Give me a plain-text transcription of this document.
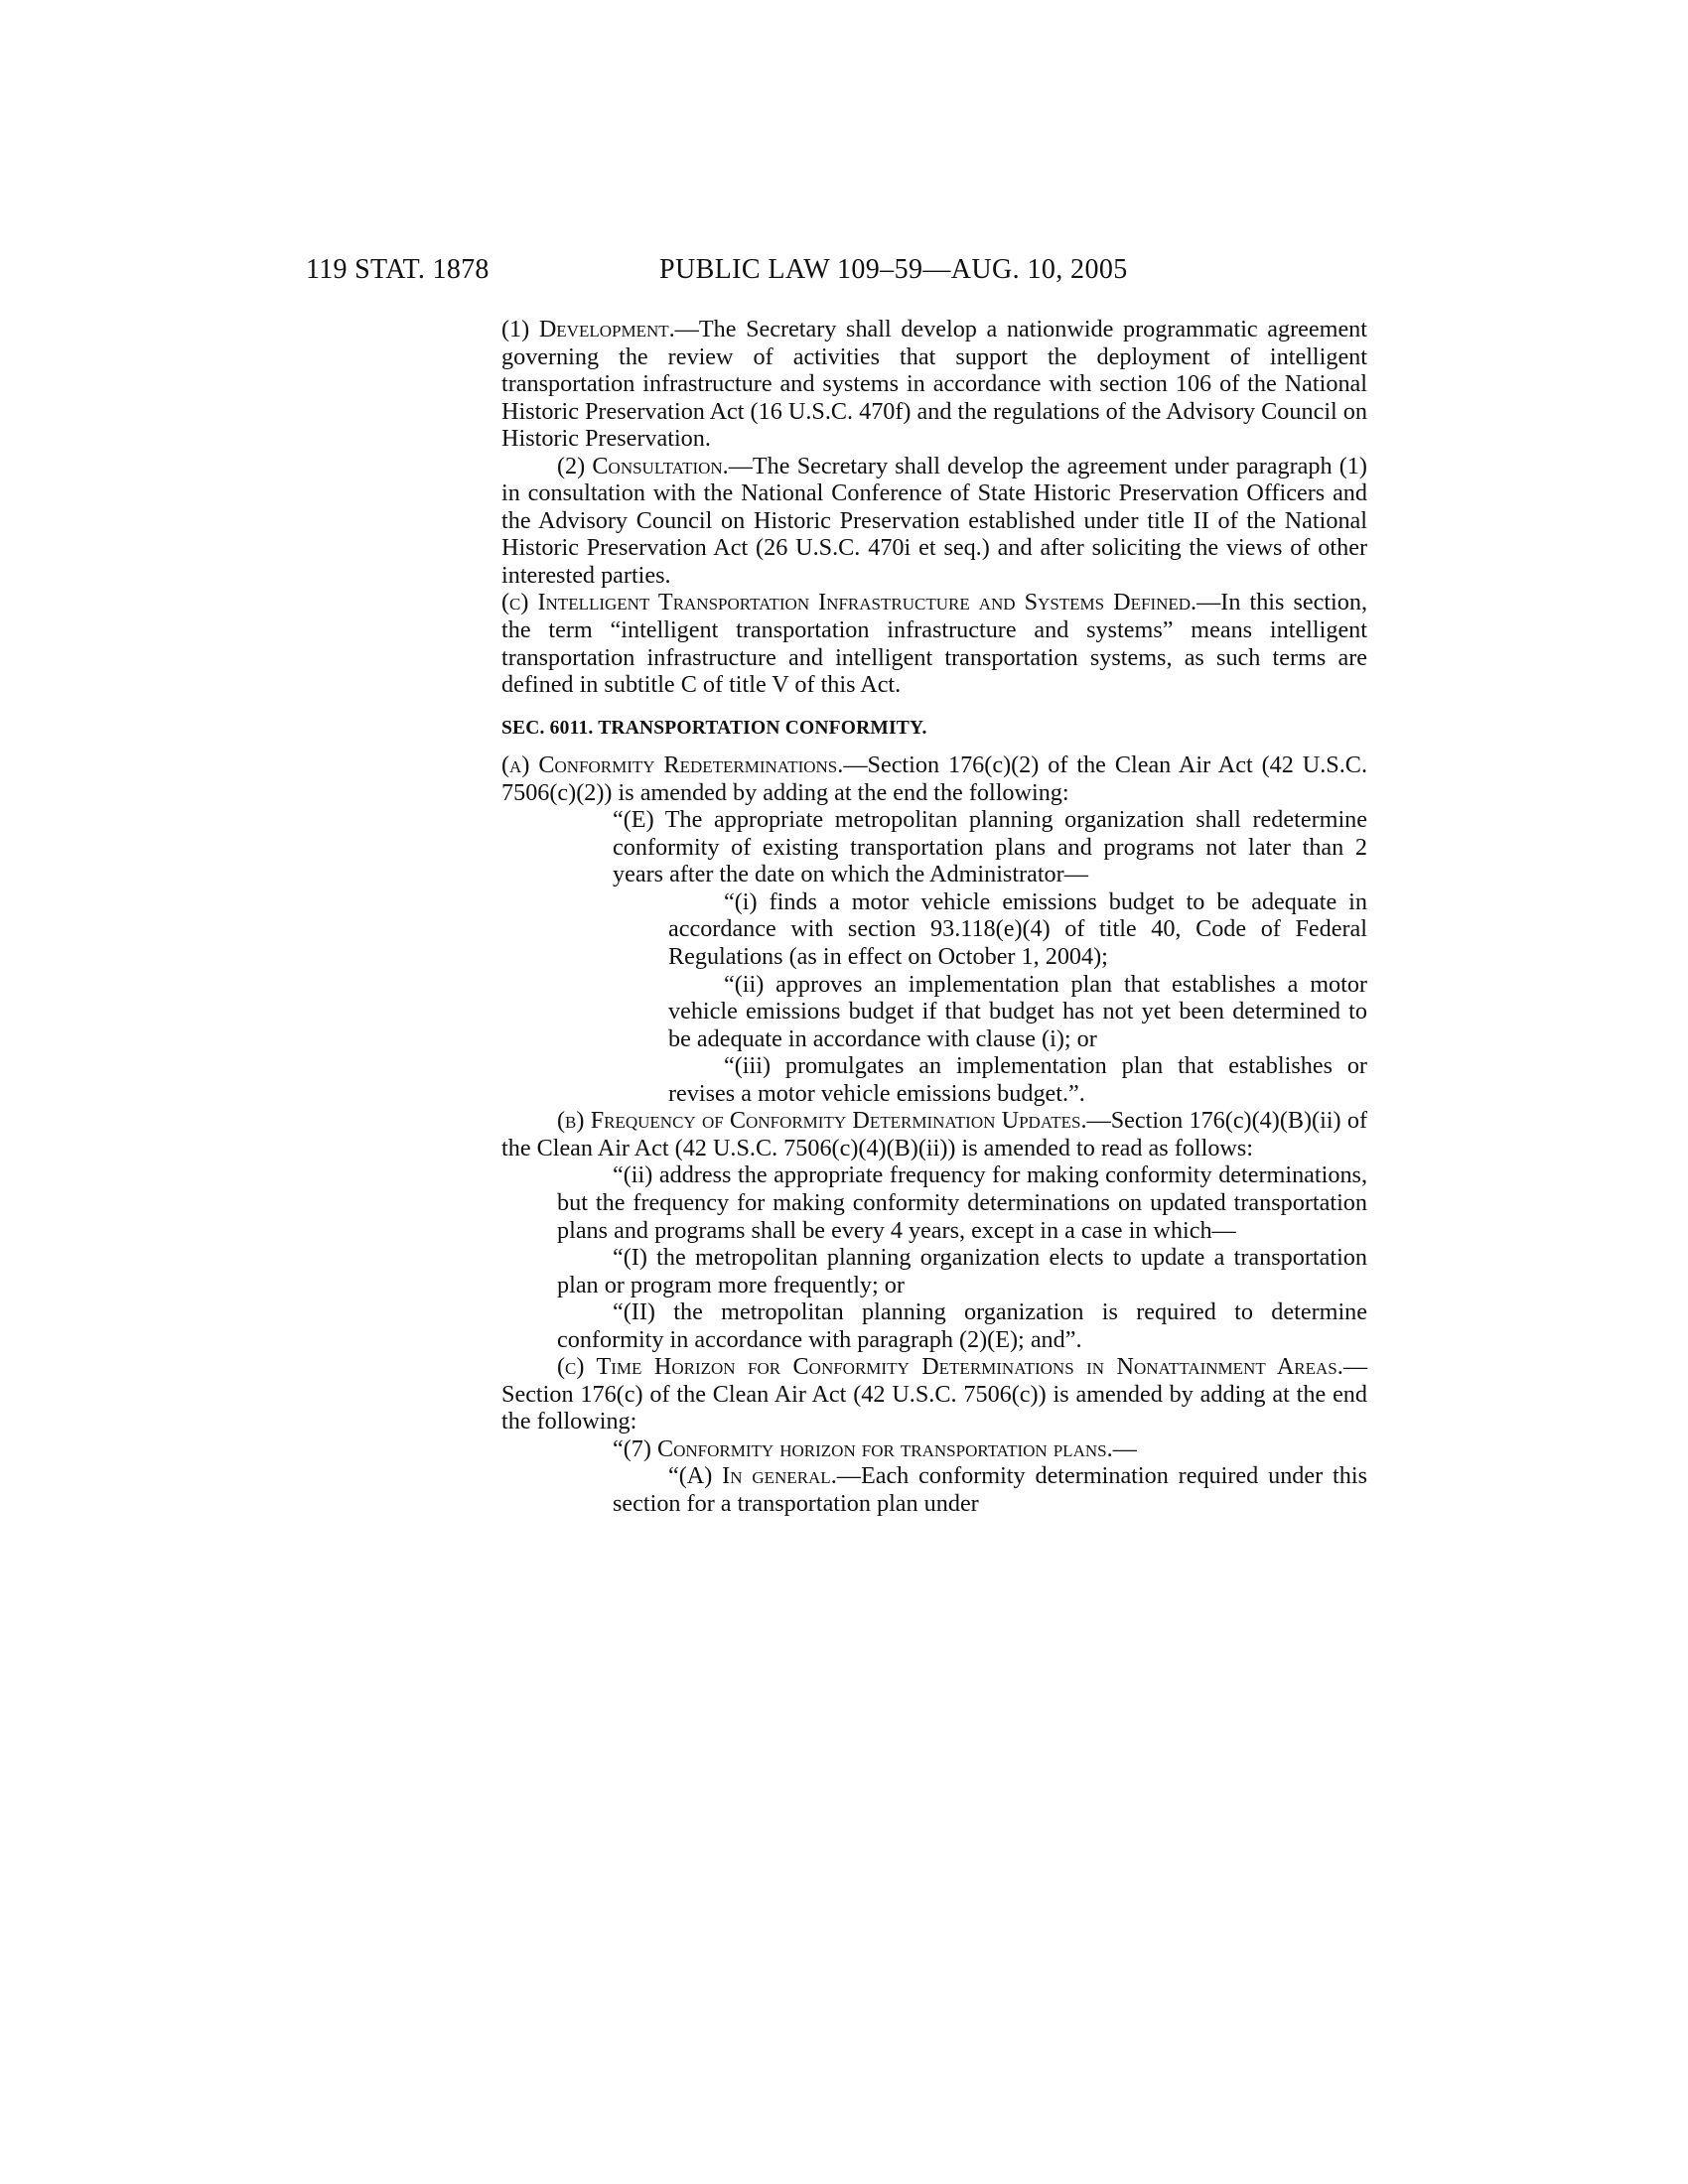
119 STAT. 1878	PUBLIC LAW 109–59—AUG. 10, 2005

(1) Development.—The Secretary shall develop a nationwide programmatic agreement governing the review of activities that support the deployment of intelligent transportation infrastructure and systems in accordance with section 106 of the National Historic Preservation Act (16 U.S.C. 470f) and the regulations of the Advisory Council on Historic Preservation.

(2) Consultation.—The Secretary shall develop the agreement under paragraph (1) in consultation with the National Conference of State Historic Preservation Officers and the Advisory Council on Historic Preservation established under title II of the National Historic Preservation Act (26 U.S.C. 470i et seq.) and after soliciting the views of other interested parties.

(c) Intelligent Transportation Infrastructure and Systems Defined.—In this section, the term “intelligent transportation infrastructure and systems” means intelligent transportation infrastructure and intelligent transportation systems, as such terms are defined in subtitle C of title V of this Act.

SEC. 6011. TRANSPORTATION CONFORMITY.

(a) Conformity Redeterminations.—Section 176(c)(2) of the Clean Air Act (42 U.S.C. 7506(c)(2)) is amended by adding at the end the following:

“(E) The appropriate metropolitan planning organization shall redetermine conformity of existing transportation plans and programs not later than 2 years after the date on which the Administrator—

“(i) finds a motor vehicle emissions budget to be adequate in accordance with section 93.118(e)(4) of title 40, Code of Federal Regulations (as in effect on October 1, 2004);

“(ii) approves an implementation plan that establishes a motor vehicle emissions budget if that budget has not yet been determined to be adequate in accordance with clause (i); or

“(iii) promulgates an implementation plan that establishes or revises a motor vehicle emissions budget.”.

(b) Frequency of Conformity Determination Updates.—Section 176(c)(4)(B)(ii) of the Clean Air Act (42 U.S.C. 7506(c)(4)(B)(ii)) is amended to read as follows:

“(ii) address the appropriate frequency for making conformity determinations, but the frequency for making conformity determinations on updated transportation plans and programs shall be every 4 years, except in a case in which—

“(I) the metropolitan planning organization elects to update a transportation plan or program more frequently; or

“(II) the metropolitan planning organization is required to determine conformity in accordance with paragraph (2)(E); and”.

(c) Time Horizon for Conformity Determinations in Nonattainment Areas.—Section 176(c) of the Clean Air Act (42 U.S.C. 7506(c)) is amended by adding at the end the following:

“(7) Conformity horizon for transportation plans.—

“(A) In general.—Each conformity determination required under this section for a transportation plan under
